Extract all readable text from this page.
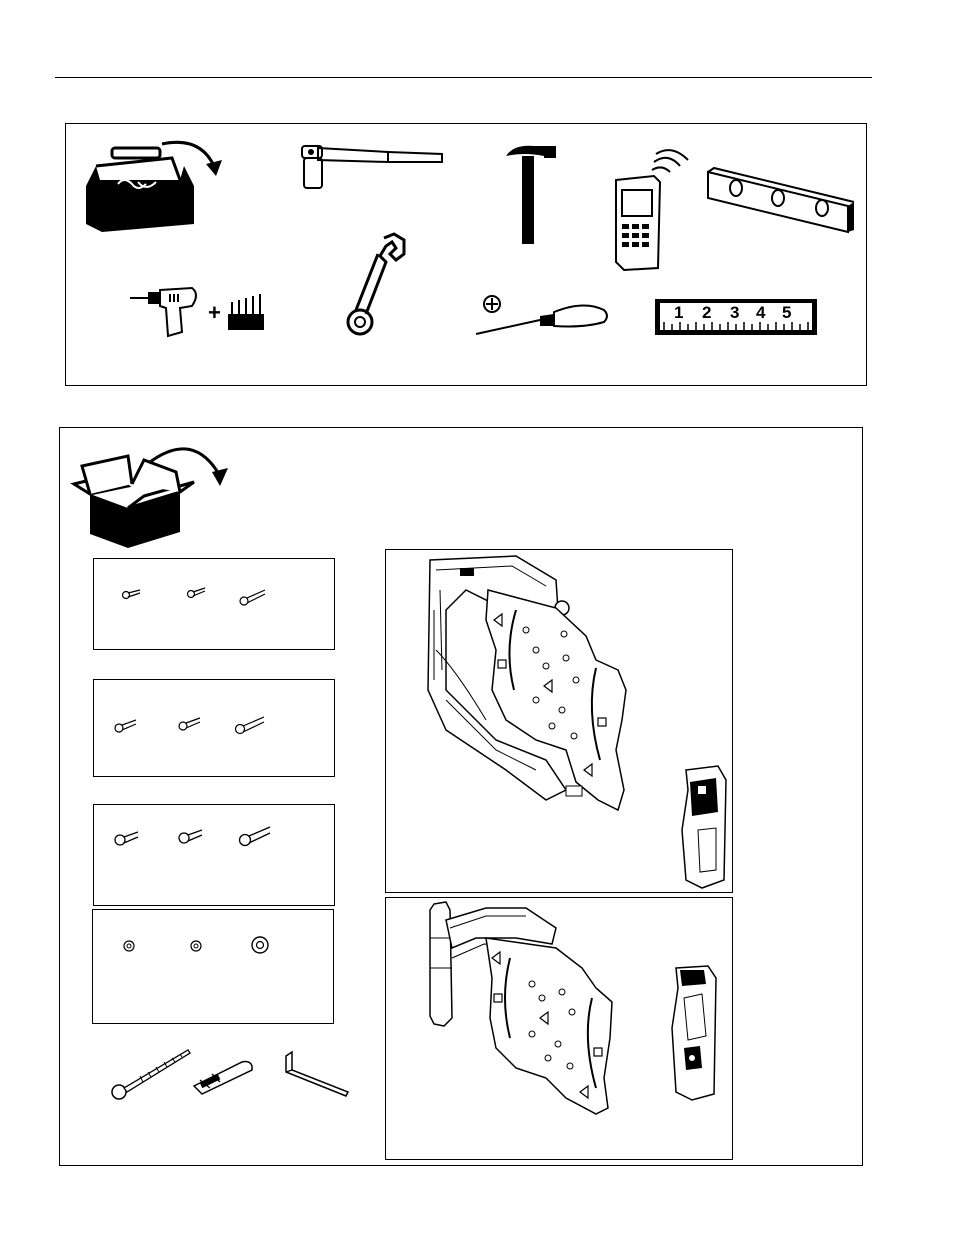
+	1 2 3 4 5
